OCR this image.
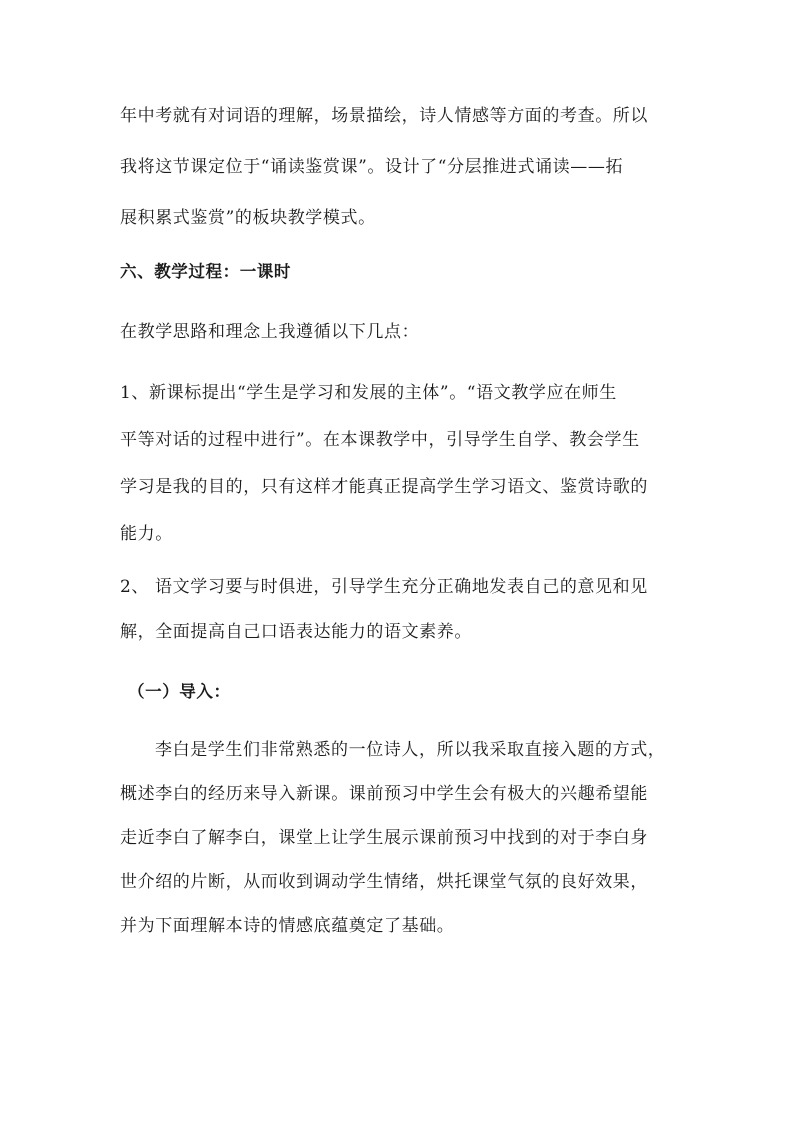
年中考就有对词语的理解，场景描绘，诗人情感等方面的考查。所以
我将这节课定位于“诵读鉴赏课”。设计了“分层推进式诵读——拓
展积累式鉴赏”的板块教学模式。
六、教学过程：一课时
在教学思路和理念上我遵循以下几点：
1、新课标提出“学生是学习和发展的主体”。“语文教学应在师生
平等对话的过程中进行”。在本课教学中，引导学生自学、教会学生
学习是我的目的，只有这样才能真正提高学生学习语文、鉴赏诗歌的
能力。
2、 语文学习要与时俱进，引导学生充分正确地发表自己的意见和见
解，全面提高自己口语表达能力的语文素养。
（一）导入：
李白是学生们非常熟悉的一位诗人，所以我采取直接入题的方式，
概述李白的经历来导入新课。课前预习中学生会有极大的兴趣希望能
走近李白了解李白，课堂上让学生展示课前预习中找到的对于李白身
世介绍的片断，从而收到调动学生情绪，烘托课堂气氛的良好效果，
并为下面理解本诗的情感底蕴奠定了基础。
